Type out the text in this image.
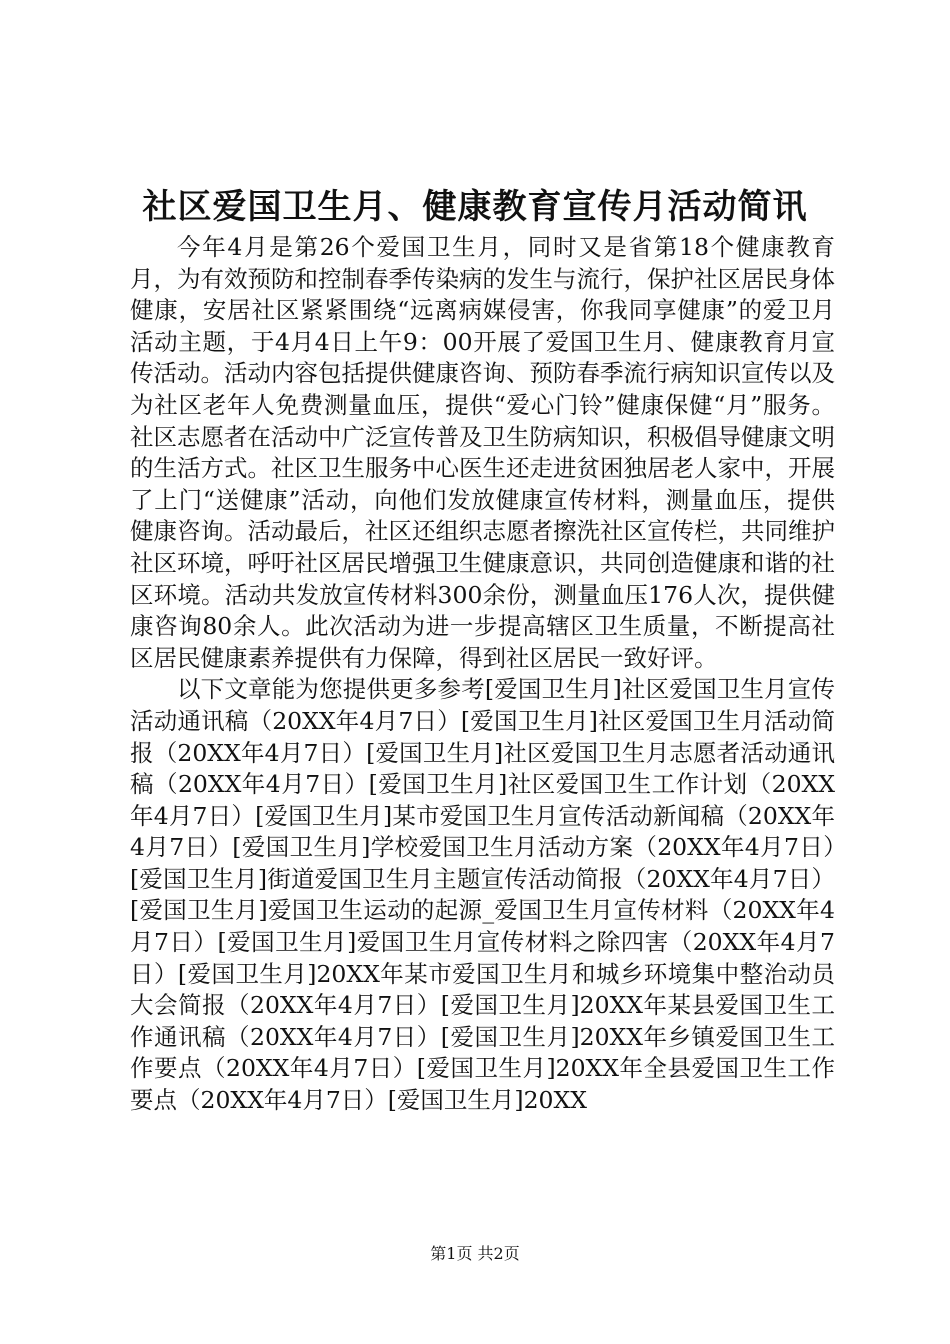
社区爱国卫生月、健康教育宣传月活动简讯

今年4月是第26个爱国卫生月，同时又是省第18个健康教育月，为有效预防和控制春季传染病的发生与流行，保护社区居民身体健康，安居社区紧紧围绕“远离病媒侵害，你我同享健康”的爱卫月活动主题，于4月4日上午9：00开展了爱国卫生月、健康教育月宣传活动。活动内容包括提供健康咨询、预防春季流行病知识宣传以及为社区老年人免费测量血压，提供“爱心门铃”健康保健“月”服务。社区志愿者在活动中广泛宣传普及卫生防病知识，积极倡导健康文明的生活方式。社区卫生服务中心医生还走进贫困独居老人家中，开展了上门“送健康”活动，向他们发放健康宣传材料，测量血压，提供健康咨询。活动最后，社区还组织志愿者擦洗社区宣传栏，共同维护社区环境，呼吁社区居民增强卫生健康意识，共同创造健康和谐的社区环境。活动共发放宣传材料300余份，测量血压176人次，提供健康咨询80余人。此次活动为进一步提高辖区卫生质量，不断提高社区居民健康素养提供有力保障，得到社区居民一致好评。

以下文章能为您提供更多参考[爱国卫生月]社区爱国卫生月宣传活动通讯稿（20XX年4月7日）[爱国卫生月]社区爱国卫生月活动简报（20XX年4月7日）[爱国卫生月]社区爱国卫生月志愿者活动通讯稿（20XX年4月7日）[爱国卫生月]社区爱国卫生工作计划（20XX年4月7日）[爱国卫生月]某市爱国卫生月宣传活动新闻稿（20XX年4月7日）[爱国卫生月]学校爱国卫生月活动方案（20XX年4月7日）[爱国卫生月]街道爱国卫生月主题宣传活动简报（20XX年4月7日）[爱国卫生月]爱国卫生运动的起源_爱国卫生月宣传材料（20XX年4月7日）[爱国卫生月]爱国卫生月宣传材料之除四害（20XX年4月7日）[爱国卫生月]20XX年某市爱国卫生月和城乡环境集中整治动员大会简报（20XX年4月7日）[爱国卫生月]20XX年某县爱国卫生工作通讯稿（20XX年4月7日）[爱国卫生月]20XX年乡镇爱国卫生工作要点（20XX年4月7日）[爱国卫生月]20XX年全县爱国卫生工作要点（20XX年4月7日）[爱国卫生月]20XX

第1页 共2页
